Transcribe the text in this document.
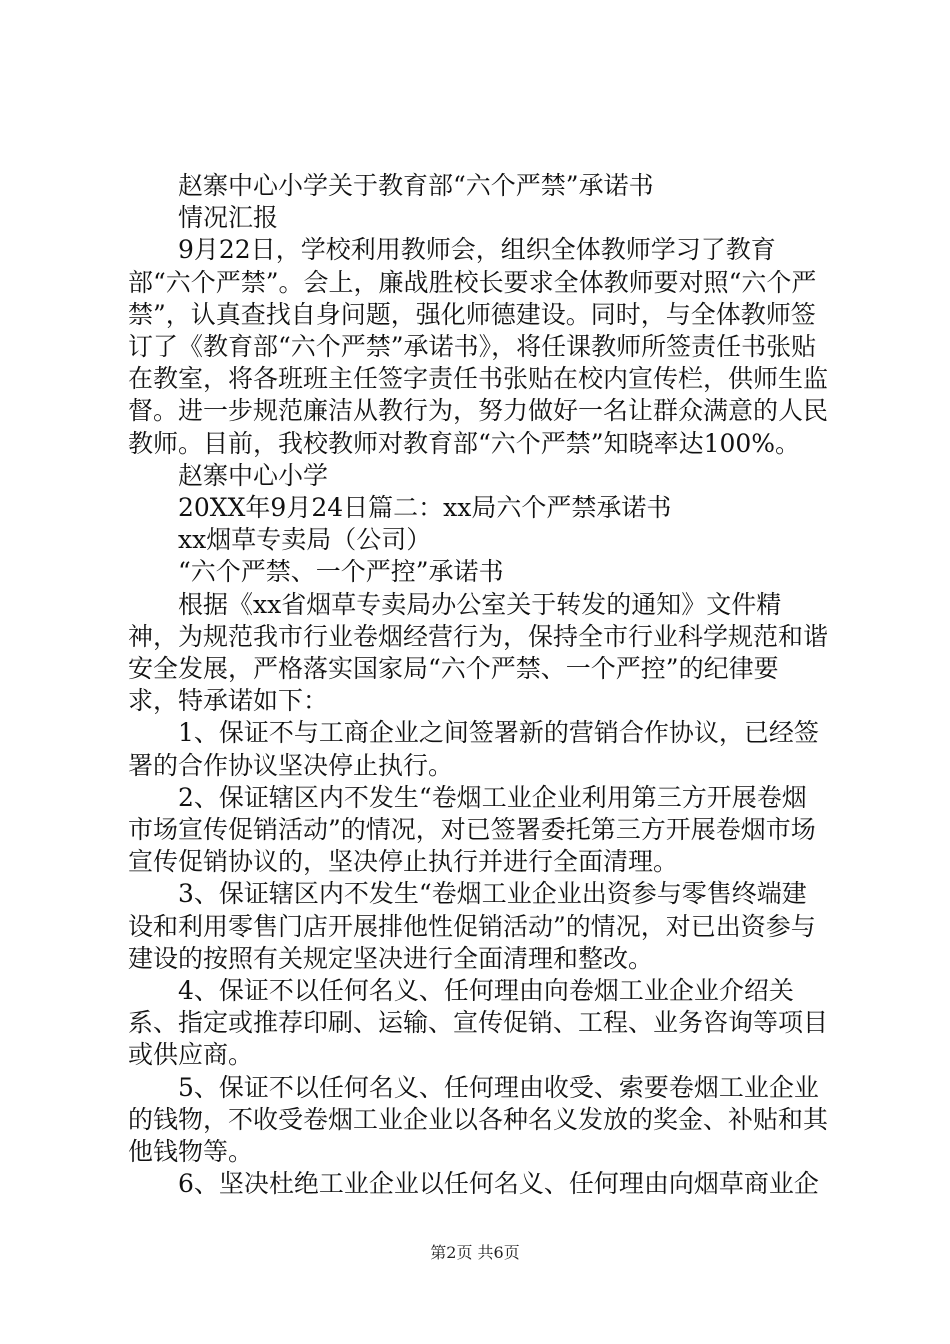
赵寨中心小学关于教育部“六个严禁”承诺书

情况汇报

9月22日，学校利用教师会，组织全体教师学习了教育部“六个严禁”。会上，廉战胜校长要求全体教师要对照“六个严禁”，认真查找自身问题，强化师德建设。同时，与全体教师签订了《教育部“六个严禁”承诺书》，将任课教师所签责任书张贴在教室，将各班班主任签字责任书张贴在校内宣传栏，供师生监督。进一步规范廉洁从教行为，努力做好一名让群众满意的人民教师。目前，我校教师对教育部“六个严禁”知晓率达100%。

赵寨中心小学

20XX年9月24日篇二：xx局六个严禁承诺书

xx烟草专卖局（公司）

“六个严禁、一个严控”承诺书

根据《xx省烟草专卖局办公室关于转发的通知》文件精神，为规范我市行业卷烟经营行为，保持全市行业科学规范和谐安全发展，严格落实国家局“六个严禁、一个严控”的纪律要求，特承诺如下：

1、保证不与工商企业之间签署新的营销合作协议，已经签署的合作协议坚决停止执行。

2、保证辖区内不发生“卷烟工业企业利用第三方开展卷烟市场宣传促销活动”的情况，对已签署委托第三方开展卷烟市场宣传促销协议的，坚决停止执行并进行全面清理。

3、保证辖区内不发生“卷烟工业企业出资参与零售终端建设和利用零售门店开展排他性促销活动”的情况，对已出资参与建设的按照有关规定坚决进行全面清理和整改。

4、保证不以任何名义、任何理由向卷烟工业企业介绍关系、指定或推荐印刷、运输、宣传促销、工程、业务咨询等项目或供应商。

5、保证不以任何名义、任何理由收受、索要卷烟工业企业的钱物，不收受卷烟工业企业以各种名义发放的奖金、补贴和其他钱物等。

6、坚决杜绝工业企业以任何名义、任何理由向烟草商业企

第2页 共6页
